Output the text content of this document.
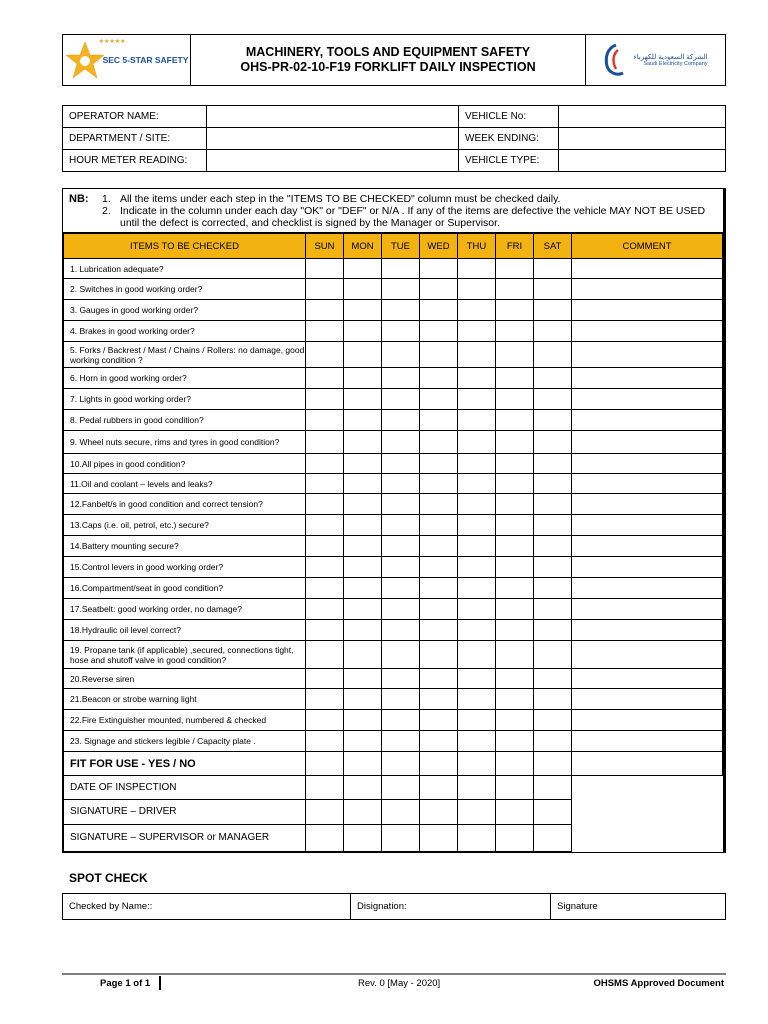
★★★★★
SEC 5-STAR SAFETY
MACHINERY, TOOLS AND EQUIPMENT SAFETY
OHS-PR-02-10-F19 FORKLIFT DAILY INSPECTION
الشركة السعودية للكهرباء
Saudi Electricity Company
OPERATOR NAME:		VEHICLE No:	
DEPARTMENT / SITE:		WEEK ENDING:	
HOUR METER READING:		VEHICLE TYPE:	
NB:	1. All the items under each step in the "ITEMS TO BE CHECKED" column must be checked daily.
2. Indicate in the column under each day "OK" or "DEF" or N/A . If any of the items are defective the vehicle MAY NOT BE USED until the defect is corrected, and checklist is signed by the Manager or Supervisor.
ITEMS TO BE CHECKED	SUN	MON	TUE	WED	THU	FRI	SAT	COMMENT
1. Lubrication adequate?								
2. Switches in good working order?								
3. Gauges in good working order?								
4. Brakes in good working order?								
5. Forks / Backrest / Mast / Chains / Rollers: no damage, good working condition ?								
6. Horn in good working order?								
7. Lights in good working order?								
8. Pedal rubbers in good condition?								
9. Wheel nuts secure, rims and tyres in good condition?								
10.All pipes in good condition?								
11.Oil and coolant – levels and leaks?								
12.Fanbelt/s in good condition and correct tension?								
13.Caps (i.e. oil, petrol, etc.) secure?								
14.Battery mounting secure?								
15.Control levers in good working order?								
16.Compartment/seat in good condition?								
17.Seatbelt: good working order, no damage?								
18.Hydraulic oil level correct?								
19. Propane tank (if applicable) ,secured, connections tight, hose and shutoff valve in good condition?								
20.Reverse siren								
21.Beacon or strobe warning light								
22.Fire Extinguisher mounted, numbered & checked								
23. Signage and stickers legible / Capacity plate .								
FIT FOR USE - YES / NO								
DATE OF INSPECTION								
SIGNATURE – DRIVER								
SIGNATURE – SUPERVISOR or MANAGER								
SPOT CHECK
Checked by Name::	Disignation:	Signature
Page 1 of 1	Rev. 0 [May - 2020]	OHSMS Approved Document
